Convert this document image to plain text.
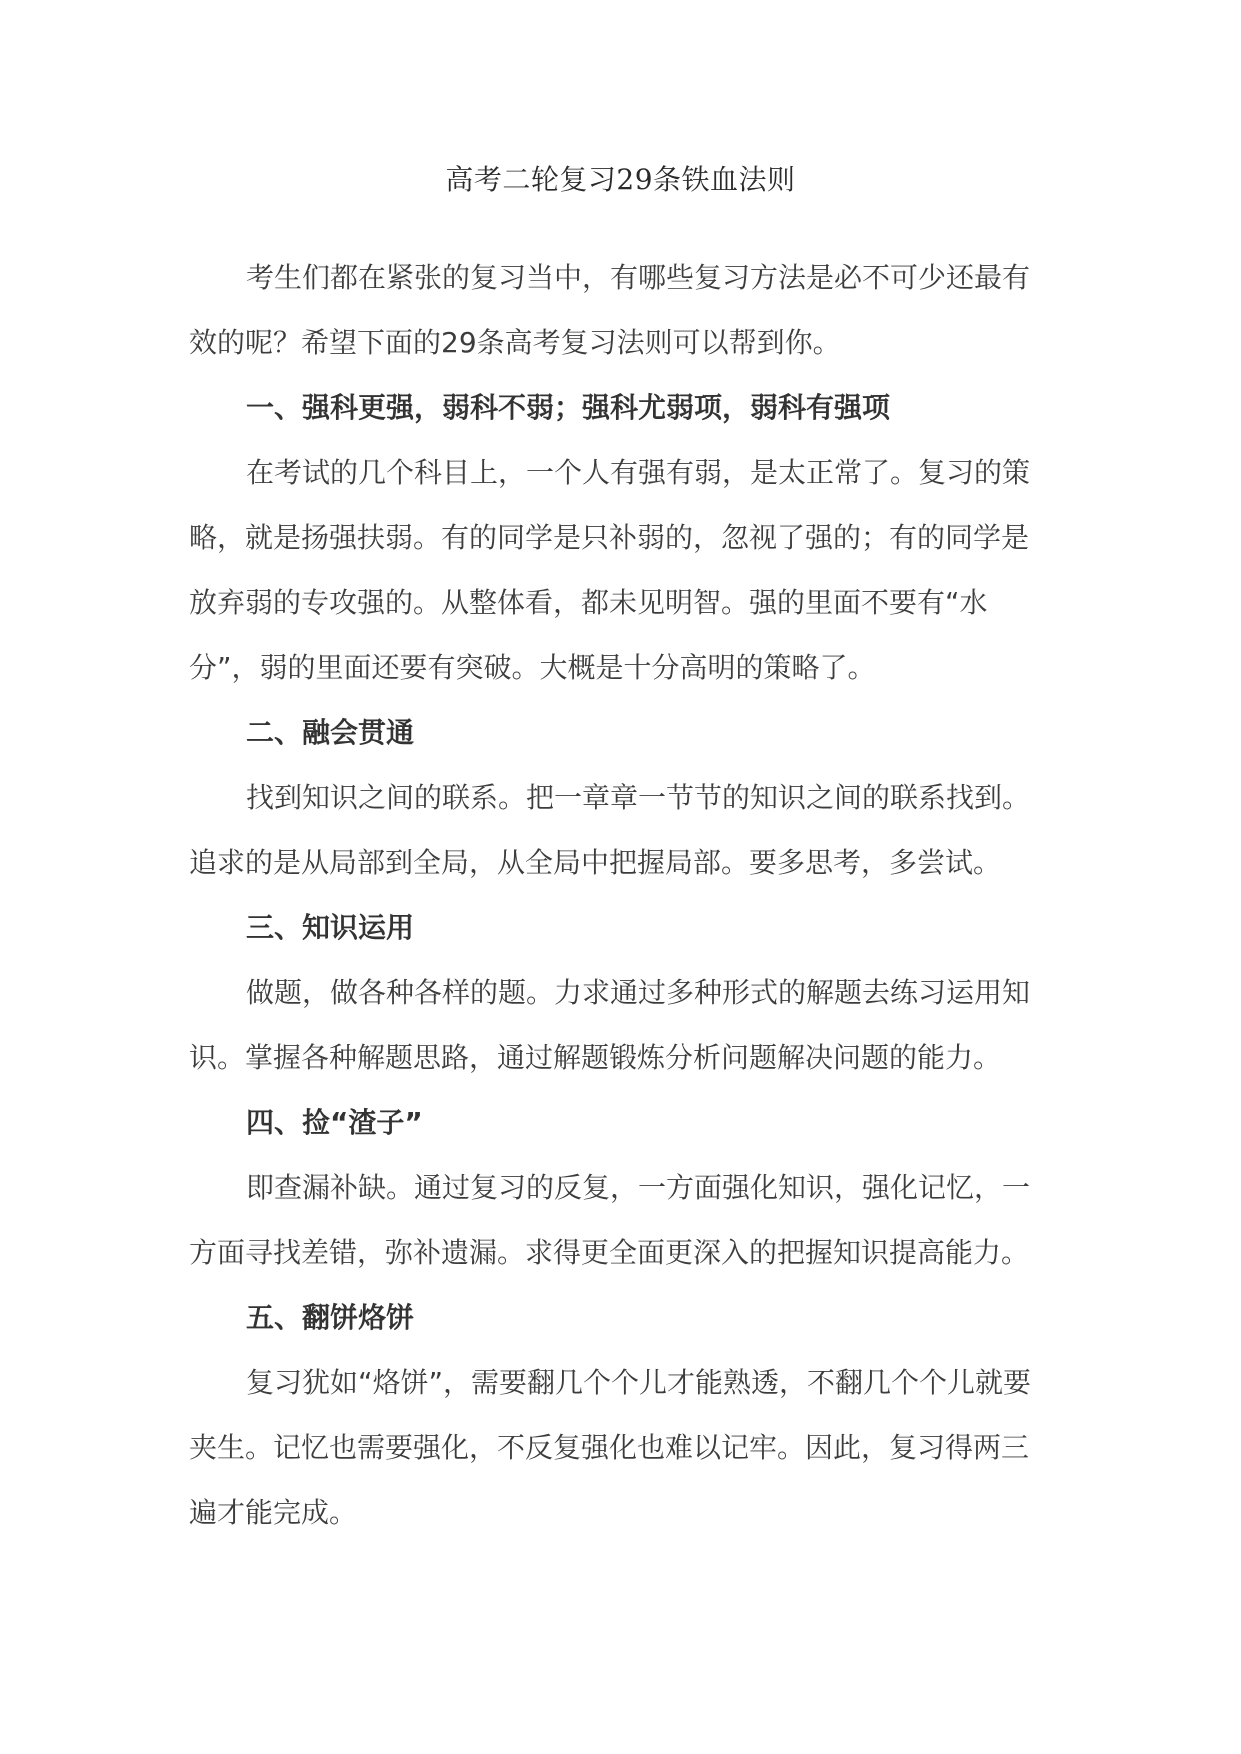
高考二轮复习29条铁血法则
考生们都在紧张的复习当中，有哪些复习方法是必不可少还最有
效的呢？希望下面的29条高考复习法则可以帮到你。
一、强科更强，弱科不弱；强科尤弱项，弱科有强项
在考试的几个科目上，一个人有强有弱，是太正常了。复习的策
略，就是扬强扶弱。有的同学是只补弱的，忽视了强的；有的同学是
放弃弱的专攻强的。从整体看，都未见明智。强的里面不要有“水
分”，弱的里面还要有突破。大概是十分高明的策略了。
二、融会贯通
找到知识之间的联系。把一章章一节节的知识之间的联系找到。
追求的是从局部到全局，从全局中把握局部。要多思考，多尝试。
三、知识运用
做题，做各种各样的题。力求通过多种形式的解题去练习运用知
识。掌握各种解题思路，通过解题锻炼分析问题解决问题的能力。
四、捡“渣子”
即查漏补缺。通过复习的反复，一方面强化知识，强化记忆，一
方面寻找差错，弥补遗漏。求得更全面更深入的把握知识提高能力。
五、翻饼烙饼
复习犹如“烙饼”，需要翻几个个儿才能熟透，不翻几个个儿就要
夹生。记忆也需要强化，不反复强化也难以记牢。因此，复习得两三
遍才能完成。
